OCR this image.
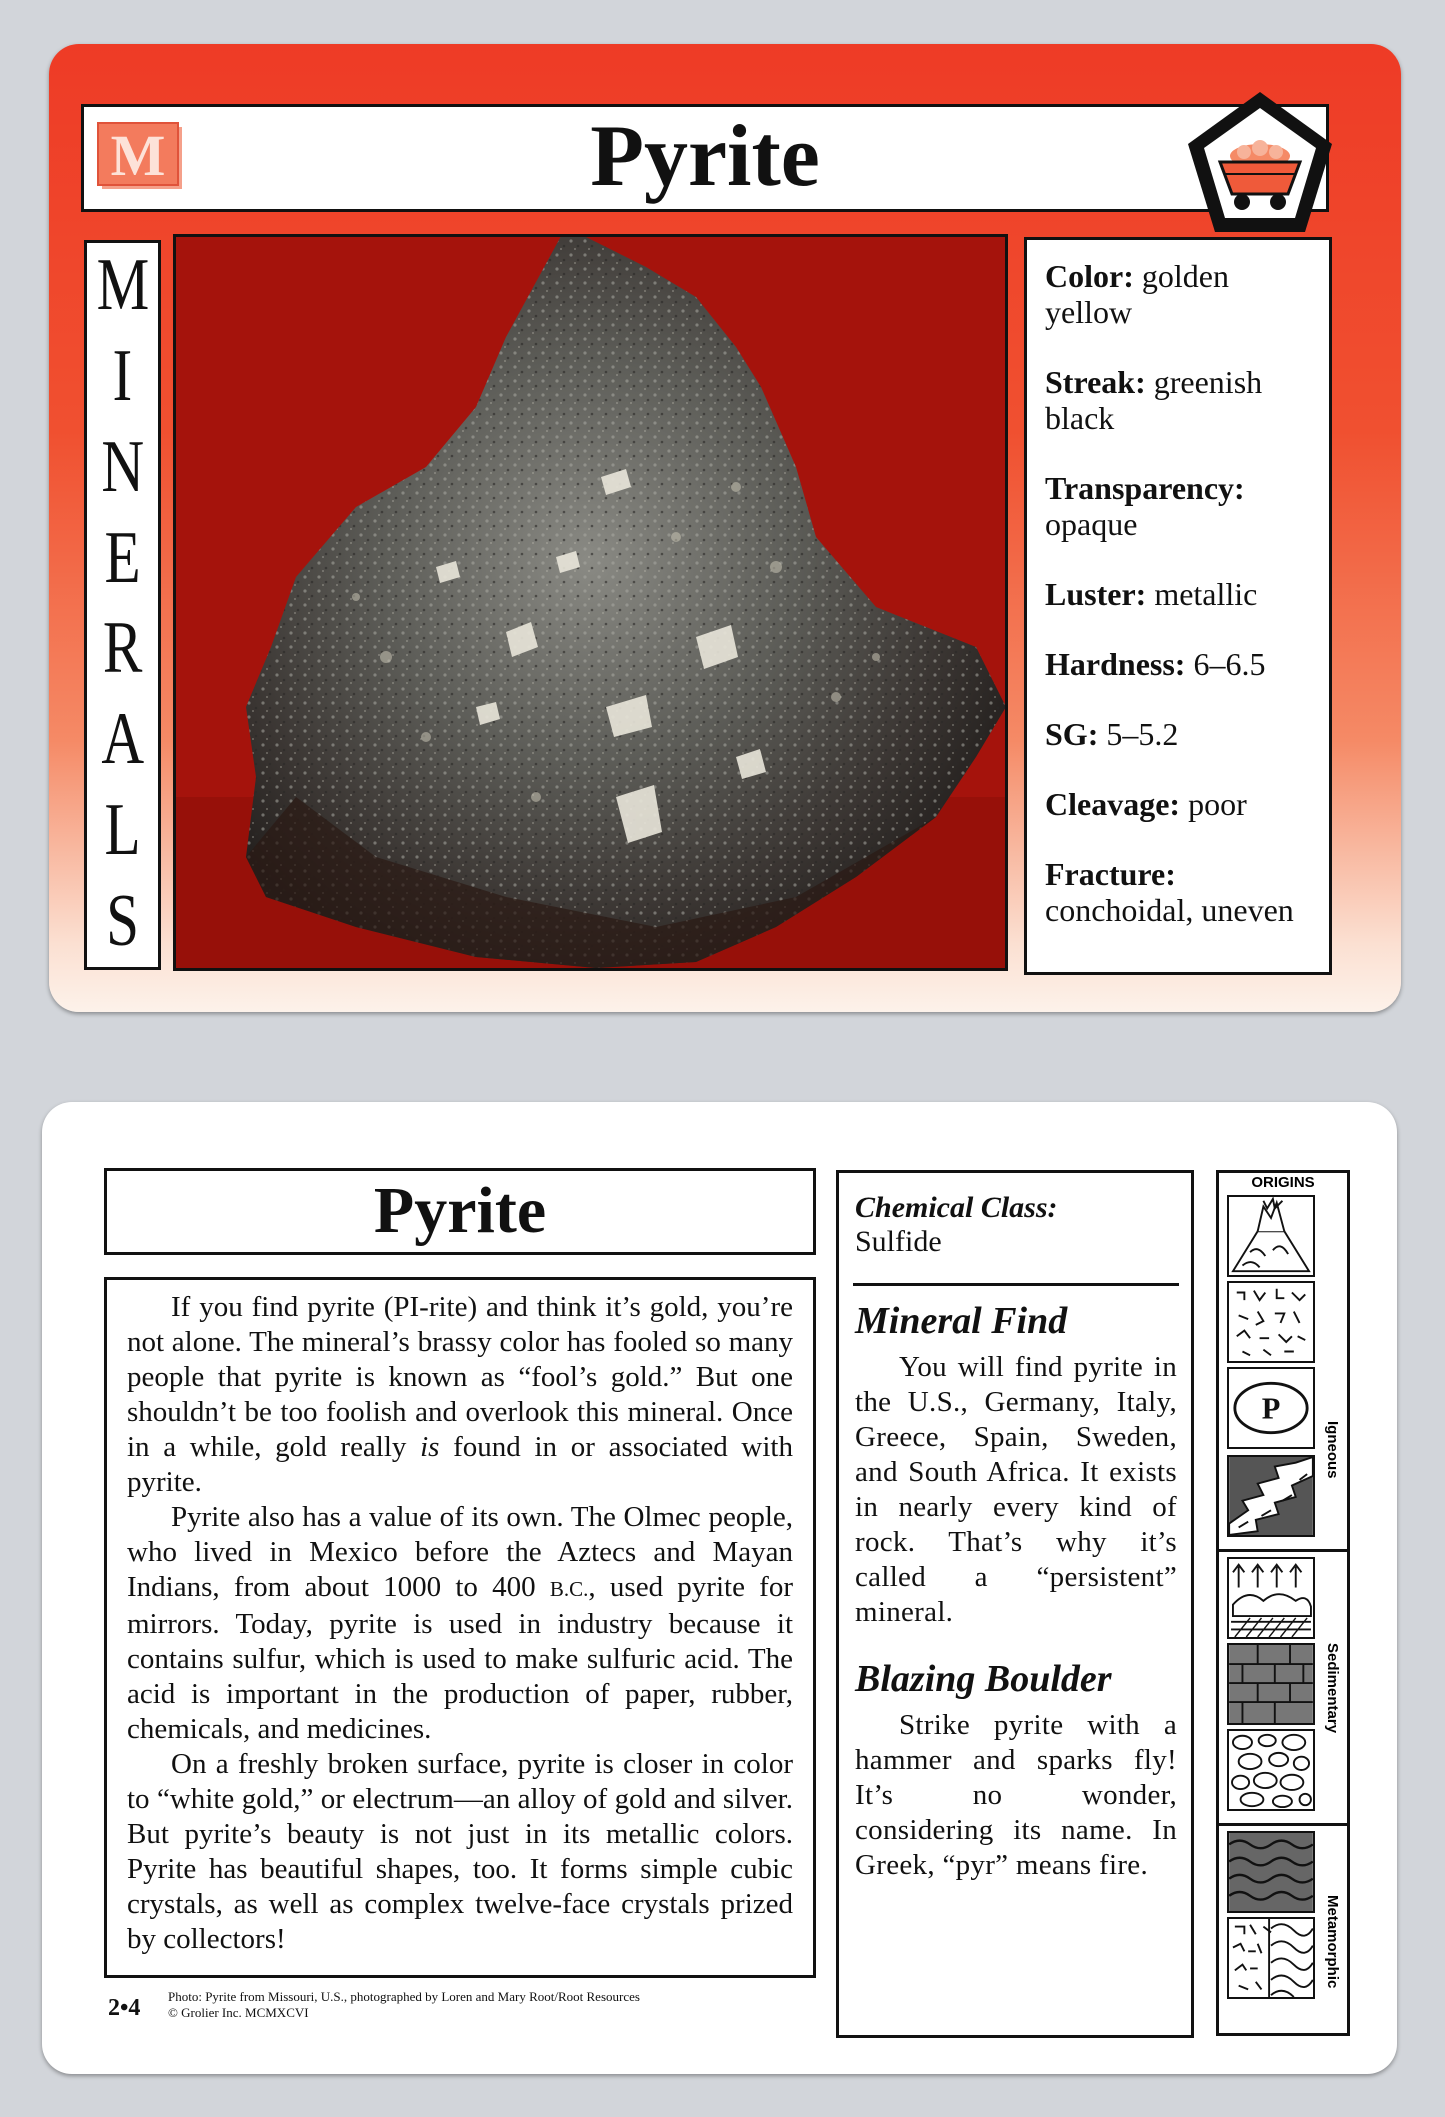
M	Pyrite
M
I
N
E
R
A
L
S
Color: golden yellow
Streak: greenish black
Transparency: opaque
Luster: metallic
Hardness: 6–6.5
SG: 5–5.2
Cleavage: poor
Fracture: conchoidal, uneven
Pyrite

If you find pyrite (PI-rite) and think it’s gold, you’re not alone. The mineral’s brassy color has fooled so many people that pyrite is known as “fool’s gold.” But one shouldn’t be too foolish and overlook this mineral. Once in a while, gold really is found in or associated with pyrite.

Pyrite also has a value of its own. The Olmec people, who lived in Mexico before the Aztecs and Mayan Indians, from about 1000 to 400 B.C., used pyrite for mirrors. Today, pyrite is used in industry because it contains sulfur, which is used to make sulfuric acid. The acid is important in the production of paper, rubber, chemicals, and medicines.

On a freshly broken surface, pyrite is closer in color to “white gold,” or electrum—an alloy of gold and silver. But pyrite’s beauty is not just in its metallic colors. Pyrite has beautiful shapes, too. It forms simple cubic crystals, as well as complex twelve-face crystals prized by collectors!

2•4 Photo: Pyrite from Missouri, U.S., photographed by Loren and Mary Root/Root Resources
© Grolier Inc. MCMXCVI
Chemical Class:
Sulfide
Mineral Find

You will find pyrite in the U.S., Germany, Italy, Greece, Spain, Sweden, and South Africa. It exists in nearly every kind of rock. That’s why it’s called a “persistent” mineral.

Blazing Boulder

Strike pyrite with a hammer and sparks fly! It’s no wonder, considering its name. In Greek, “pyr” means fire.

ORIGINS
P
Igneous
Sedimentary
Metamorphic
